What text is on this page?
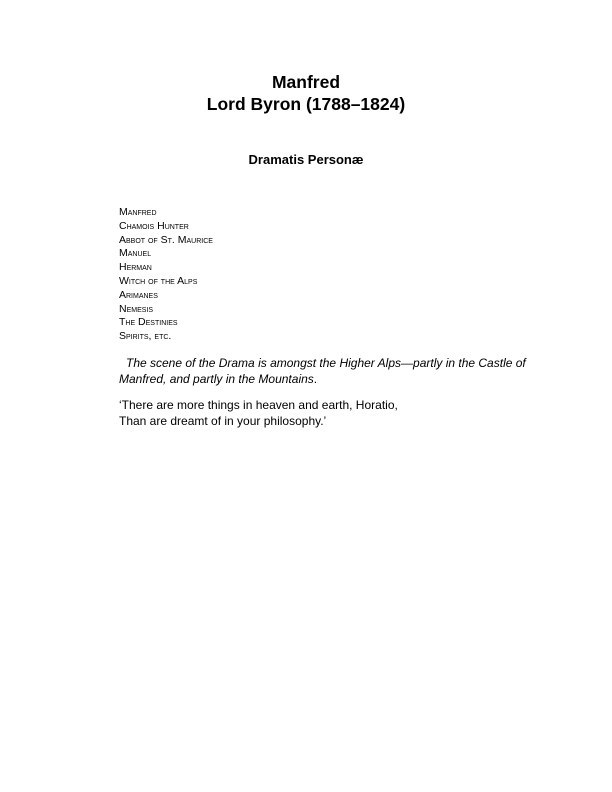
Manfred

Lord Byron (1788–1824)

Dramatis Personæ

Manfred
Chamois Hunter
Abbot of St. Maurice
Manuel
Herman
Witch of the Alps
Arimanes
Nemesis
The Destinies
Spirits, etc.

The scene of the Drama is amongst the Higher Alps—partly in the Castle of Manfred, and partly in the Mountains.

‘There are more things in heaven and earth, Horatio,
Than are dreamt of in your philosophy.’
